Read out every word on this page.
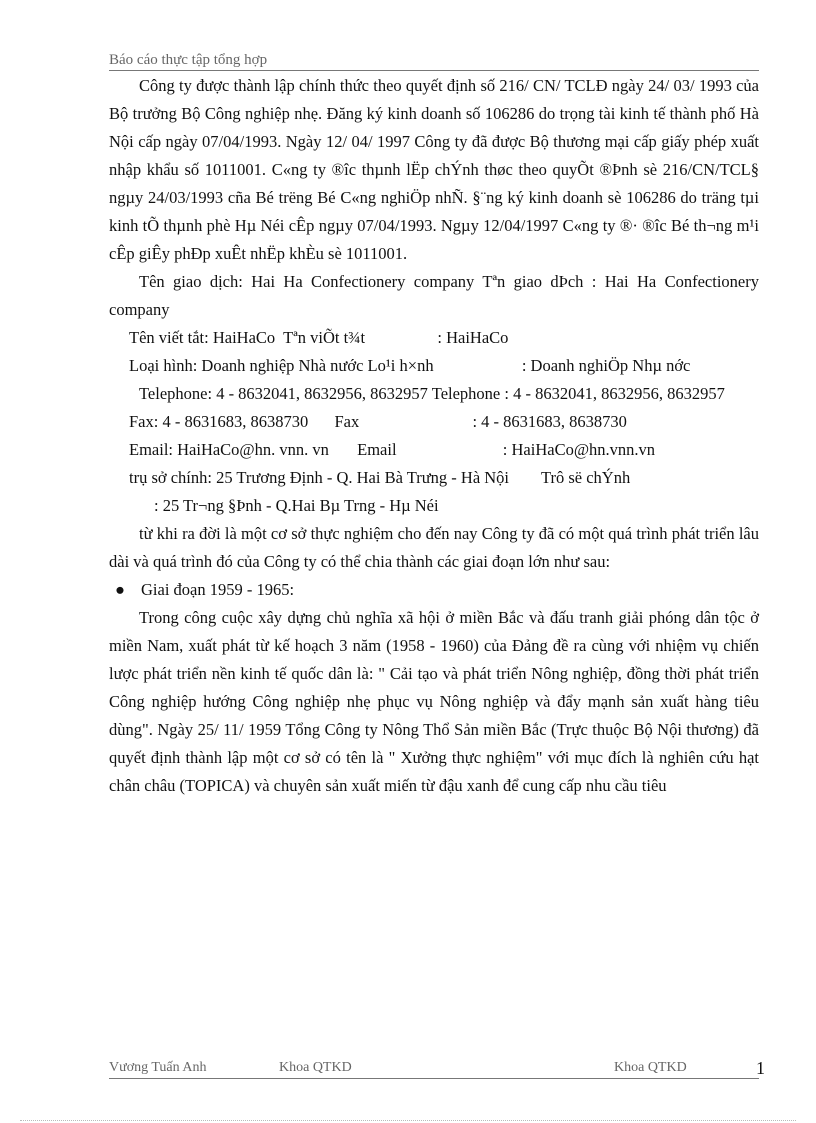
Báo cáo thực tập tổng hợp

Công ty được thành lập chính thức theo quyết định số 216/ CN/ TCLĐ ngày 24/ 03/ 1993 của Bộ trưởng Bộ Công nghiệp nhẹ. Đăng ký kinh doanh số 106286 do trọng tài kinh tế thành phố Hà Nội cấp ngày 07/04/1993. Ngày 12/ 04/ 1997 Công ty đã được Bộ thương mại cấp giấy phép xuất nhập khẩu số 1011001. C«ng ty ®îc thµnh lËp chÝnh thøc theo quyÕt ®Þnh sè 216/CN/TCL§ ngµy 24/03/1993 cña Bé trëng Bé C«ng nghiÖp nhÑ. §¨ng ký kinh doanh sè 106286 do träng tµi kinh tÕ thµnh phè Hµ Néi cÊp ngµy 07/04/1993. Ngµy 12/04/1997 C«ng ty ®· ®îc Bé th¬ng m¹i cÊp giÊy phÐp xuÊt nhËp khÈu sè 1011001.

Tên giao dịch: Hai Ha Confectionery company Tªn giao dÞch : Hai Ha Confectionery company

Tên viết tắt: HaiHaCo Tªn viÕt t¾t	: HaiHaCo

Loại hình: Doanh nghiệp Nhà nước Lo¹i h×nh	: Doanh nghiÖp Nhµ nớc

Telephone: 4 - 8632041, 8632956, 8632957 Telephone : 4 - 8632041, 8632956, 8632957

Fax: 4 - 8631683, 8638730 Fax	: 4 - 8631683, 8638730

Email: HaiHaCo@hn. vnn. vn Email	: HaiHaCo@hn.vnn.vn

trụ sở chính: 25 Trương Định - Q. Hai Bà Trưng - Hà Nội Trô së chÝnh

: 25 Tr¬ng §Þnh - Q.Hai Bµ Trng - Hµ Néi

từ khi ra đời là một cơ sở thực nghiệm cho đến nay Công ty đã có một quá trình phát triển lâu dài và quá trình đó của Công ty có thể chia thành các giai đoạn lớn như sau:

● Giai đoạn 1959 - 1965:

Trong công cuộc xây dựng chủ nghĩa xã hội ở miền Bắc và đấu tranh giải phóng dân tộc ở miền Nam, xuất phát từ kế hoạch 3 năm (1958 - 1960) của Đảng đề ra cùng với nhiệm vụ chiến lược phát triển nền kinh tế quốc dân là: " Cải tạo và phát triển Nông nghiệp, đồng thời phát triển Công nghiệp hướng Công nghiệp nhẹ phục vụ Nông nghiệp và đẩy mạnh sản xuất hàng tiêu dùng". Ngày 25/ 11/ 1959 Tổng Công ty Nông Thổ Sản miền Bắc (Trực thuộc Bộ Nội thương) đã quyết định thành lập một cơ sở có tên là " Xưởng thực nghiệm" với mục đích là nghiên cứu hạt chân châu (TOPICA) và chuyên sản xuất miến từ đậu xanh để cung cấp nhu cầu tiêu

Vương Tuấn Anh	Khoa QTKD	Khoa QTKD	1
